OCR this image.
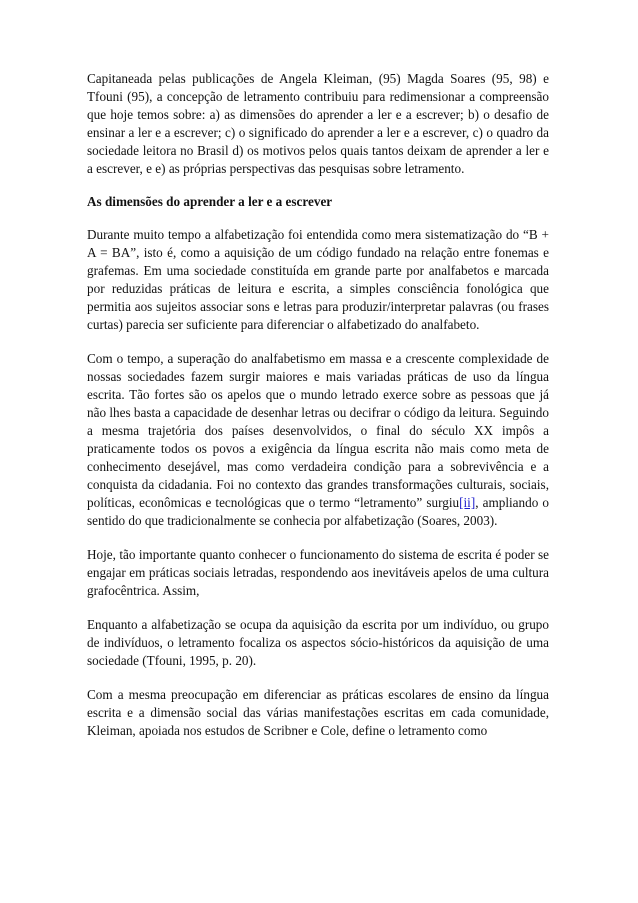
Capitaneada pelas publicações de Angela Kleiman, (95) Magda Soares (95, 98) e Tfouni (95), a concepção de letramento contribuiu para redimensionar a compreensão que hoje temos sobre: a) as dimensões do aprender a ler e a escrever; b) o desafio de ensinar a ler e a escrever; c) o significado do aprender a ler e a escrever, c) o quadro da sociedade leitora no Brasil d) os motivos pelos quais tantos deixam de aprender a ler e a escrever, e e) as próprias perspectivas das pesquisas sobre letramento.

As dimensões do aprender a ler e a escrever

Durante muito tempo a alfabetização foi entendida como mera sistematização do “B + A = BA”, isto é, como a aquisição de um código fundado na relação entre fonemas e grafemas. Em uma sociedade constituída em grande parte por analfabetos e marcada por reduzidas práticas de leitura e escrita, a simples consciência fonológica que permitia aos sujeitos associar sons e letras para produzir/interpretar palavras (ou frases curtas) parecia ser suficiente para diferenciar o alfabetizado do analfabeto.

Com o tempo, a superação do analfabetismo em massa e a crescente complexidade de nossas sociedades fazem surgir maiores e mais variadas práticas de uso da língua escrita. Tão fortes são os apelos que o mundo letrado exerce sobre as pessoas que já não lhes basta a capacidade de desenhar letras ou decifrar o código da leitura. Seguindo a mesma trajetória dos países desenvolvidos, o final do século XX impôs a praticamente todos os povos a exigência da língua escrita não mais como meta de conhecimento desejável, mas como verdadeira condição para a sobrevivência e a conquista da cidadania. Foi no contexto das grandes transformações culturais, sociais, políticas, econômicas e tecnológicas que o termo “letramento” surgiu[ii], ampliando o sentido do que tradicionalmente se conhecia por alfabetização (Soares, 2003).

Hoje, tão importante quanto conhecer o funcionamento do sistema de escrita é poder se engajar em práticas sociais letradas, respondendo aos inevitáveis apelos de uma cultura grafocêntrica. Assim,

Enquanto a alfabetização se ocupa da aquisição da escrita por um indivíduo, ou grupo de indivíduos, o letramento focaliza os aspectos sócio-históricos da aquisição de uma sociedade (Tfouni, 1995, p. 20).

Com a mesma preocupação em diferenciar as práticas escolares de ensino da língua escrita e a dimensão social das várias manifestações escritas em cada comunidade, Kleiman, apoiada nos estudos de Scribner e Cole, define o letramento como
